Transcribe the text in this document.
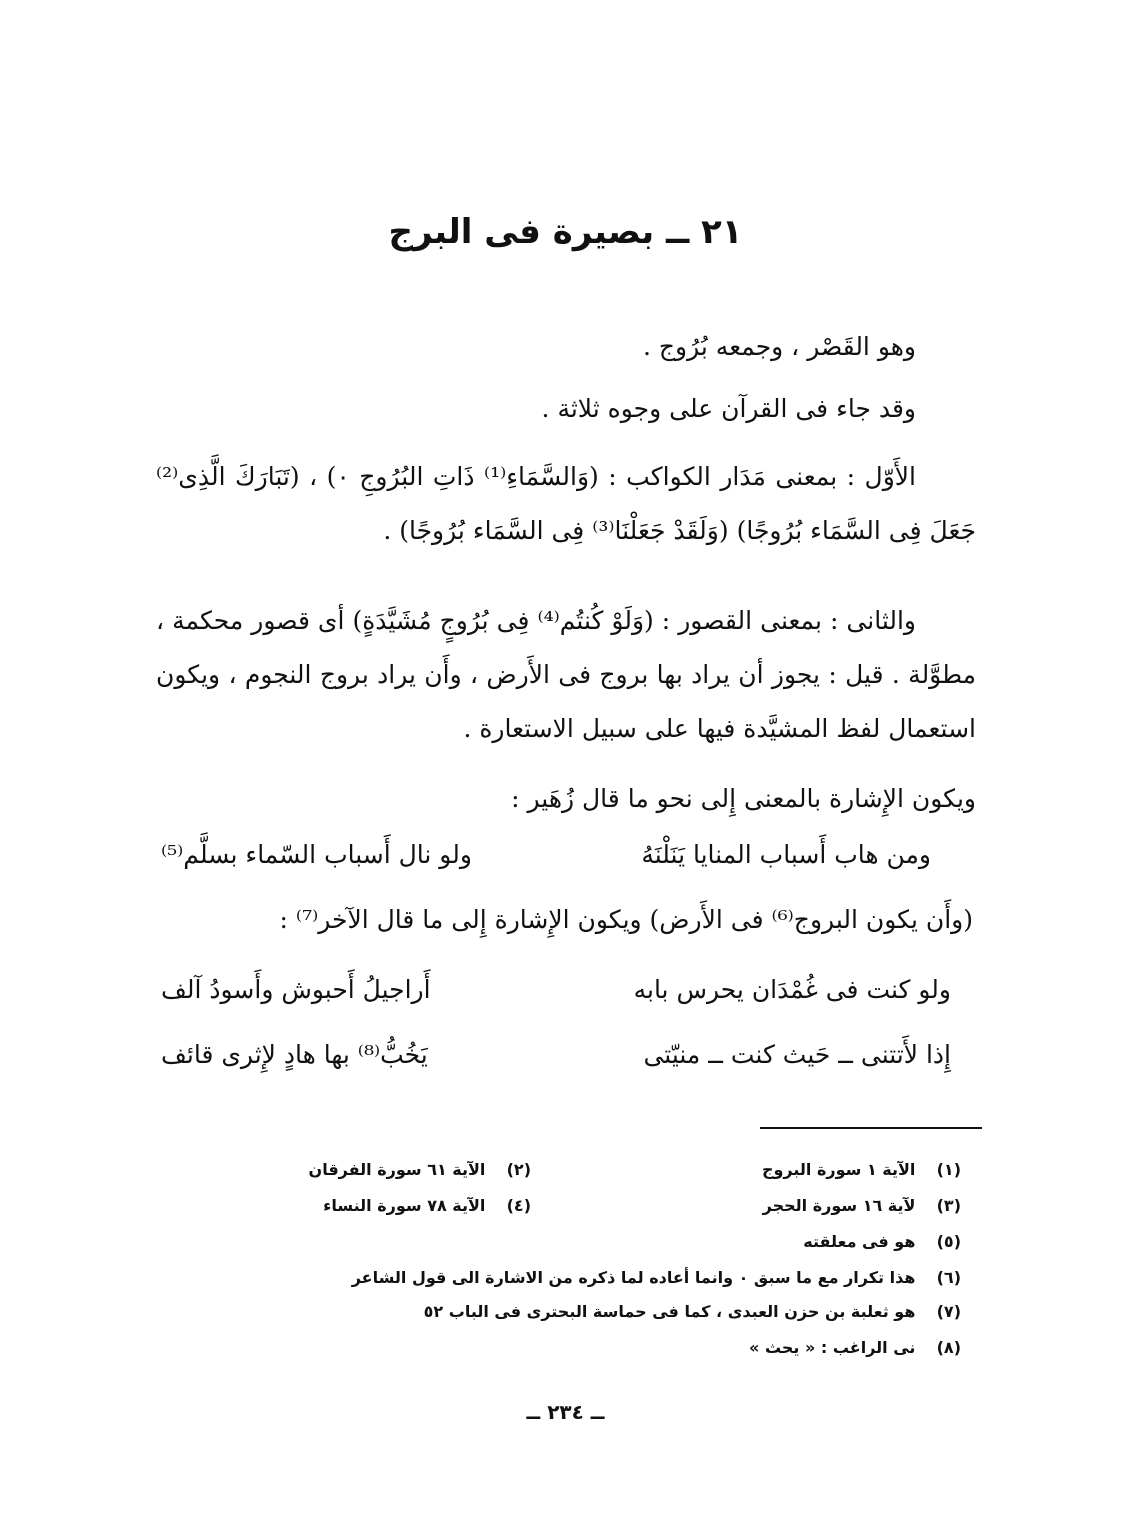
٢١ ــ بصيرة فى البرج
وهو القَصْر ، وجمعه بُرُوج .
وقد جاء فى القرآن على وجوه ثلاثة .
الأَوّل : بمعنى مَدَار الكواكب : (وَالسَّمَاءِ⁽¹⁾ ذَاتِ البُرُوجِ ۰) ، (تَبَارَكَ الَّذِى⁽²⁾ جَعَلَ فِى السَّمَاء بُرُوجًا) (وَلَقَدْ جَعَلْنَا⁽³⁾ فِى السَّمَاء بُرُوجًا) .
والثانى : بمعنى القصور : (وَلَوْ كُنتُم⁽⁴⁾ فِى بُرُوجٍ مُشَيَّدَةٍ) أى قصور محكمة ، مطوَّلة . قيل : يجوز أن يراد بها بروج فى الأَرض ، وأَن يراد بروج النجوم ، ويكون استعمال لفظ المشيَّدة فيها على سبيل الاستعارة .
ويكون الإِشارة بالمعنى إِلى نحو ما قال زُهَير :
ومن هاب أَسباب المنايا يَنَلْنَهُ
ولو نال أَسباب السّماء بسلَّم⁽⁵⁾
(وأَن يكون البروج⁽⁶⁾ فى الأَرض) ويكون الإِشارة إِلى ما قال الآخر⁽⁷⁾ :
ولو كنت فى غُمْدَان يحرس بابه
أَراجيلُ أَحبوش وأَسودُ آلف
إِذا لأَتتنى ــ حَيث كنت ــ منيّتى
يَخُبُّ⁽⁸⁾ بها هادٍ لإِثرى قائف
(١) الآية ١ سورة البروج
(٢) الآية ٦١ سورة الفرقان
(٣) لآية ١٦ سورة الحجر
(٤) الآية ٧٨ سورة النساء
(٥) هو فى معلقته
(٦) هذا تكرار مع ما سبق ٠ وانما أعاده لما ذكره من الاشارة الى قول الشاعر
(٧) هو ثعلبة بن حزن العبدى ، كما فى حماسة البحترى فى الباب ٥٢
(٨) نى الراغب : « يحث »
ــ ٢٣٤ ــ
